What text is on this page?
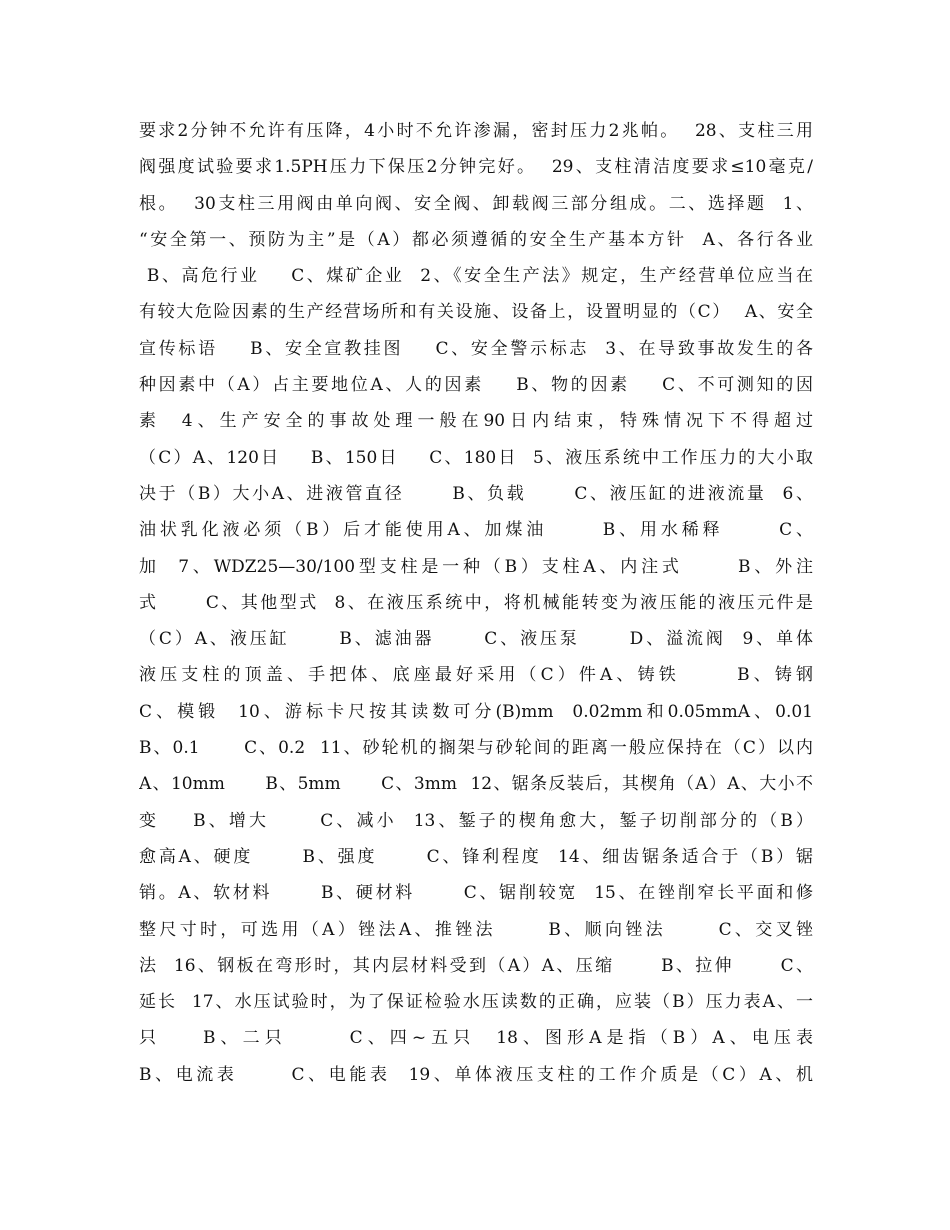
要求2分钟不允许有压降，4小时不允许渗漏，密封压力2兆帕。  28、支柱三用
阀强度试验要求1.5PH压力下保压2分钟完好。  29、支柱清洁度要求≤10毫克/
根。  30支柱三用阀由单向阀、安全阀、卸载阀三部分组成。二、选择题  1、
“安全第一、预防为主”是（A）都必须遵循的安全生产基本方针  A、各行各业
B、高危行业    C、煤矿企业  2、《安全生产法》规定，生产经营单位应当在
有较大危险因素的生产经营场所和有关设施、设备上，设置明显的（C）  A、安全
宣传标语    B、安全宣教挂图    C、安全警示标志  3、在导致事故发生的各
种因素中（A）占主要地位A、人的因素    B、物的因素    C、不可测知的因
素  4、生产安全的事故处理一般在90日内结束，特殊情况下不得超过
（C）A、120日    B、150日    C、180日  5、液压系统中工作压力的大小取
决于（B）大小A、进液管直径      B、负载      C、液压缸的进液流量  6、
油状乳化液必须（B）后才能使用A、加煤油      B、用水稀释      C、
加  7、WDZ25—30/100型支柱是一种（B）支柱A、内注式      B、外注
式      C、其他型式  8、在液压系统中，将机械能转变为液压能的液压元件是
（C）A、液压缸      B、滤油器      C、液压泵      D、溢流阀  9、单体
液压支柱的顶盖、手把体、底座最好采用（C）件A、铸铁      B、铸钢
C、模锻  10、游标卡尺按其读数可分(B)mm  0.02mm和0.05mmA、0.01
B、0.1      C、0.2  11、砂轮机的搁架与砂轮间的距离一般应保持在（C）以内
A、10mm      B、5mm      C、3mm  12、锯条反装后，其楔角（A）A、大小不
变    B、增大      C、减小  13、錾子的楔角愈大，錾子切削部分的（B）
愈高A、硬度      B、强度      C、锋利程度  14、细齿锯条适合于（B）锯
销。A、软材料      B、硬材料      C、锯削较宽  15、在锉削窄长平面和修
整尺寸时，可选用（A）锉法A、推锉法      B、顺向锉法      C、交叉锉
法  16、钢板在弯形时，其内层材料受到（A）A、压缩      B、拉伸      C、
延长  17、水压试验时，为了保证检验水压读数的正确，应装（B）压力表A、一
只    B、二只      C、四~五只  18、图形A是指（B）A、电压表
B、电流表      C、电能表  19、单体液压支柱的工作介质是（C）A、机
